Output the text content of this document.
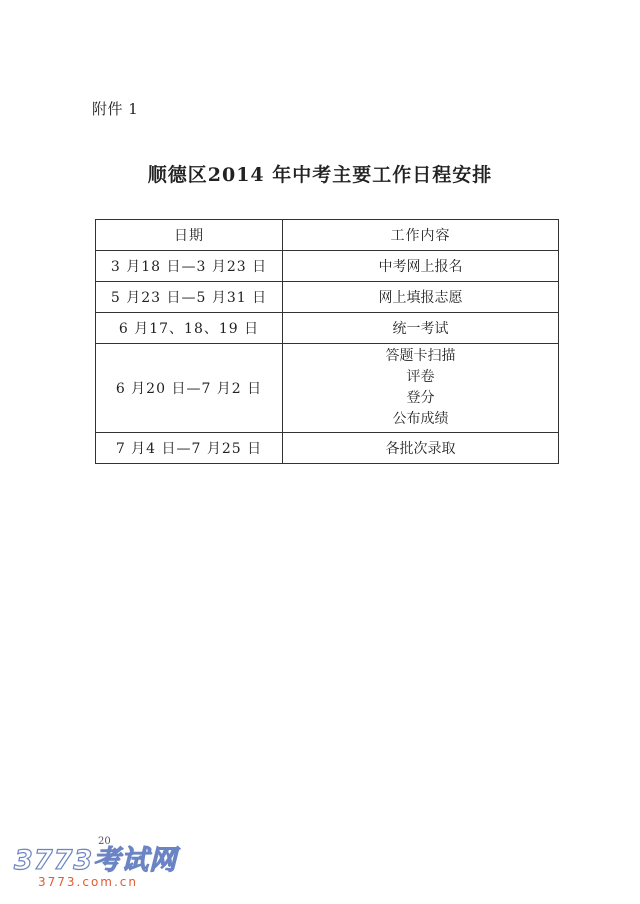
附件 1
顺德区2014 年中考主要工作日程安排
日期	工作内容
3 月18 日—3 月23 日	中考网上报名
5 月23 日—5 月31 日	网上填报志愿
6 月17、18、19 日	统一考试
6 月20 日—7 月2 日	答题卡扫描
评卷
登分
公布成绩

7 月4 日—7 月25 日	各批次录取
20
3773考试网
3773.com.cn
